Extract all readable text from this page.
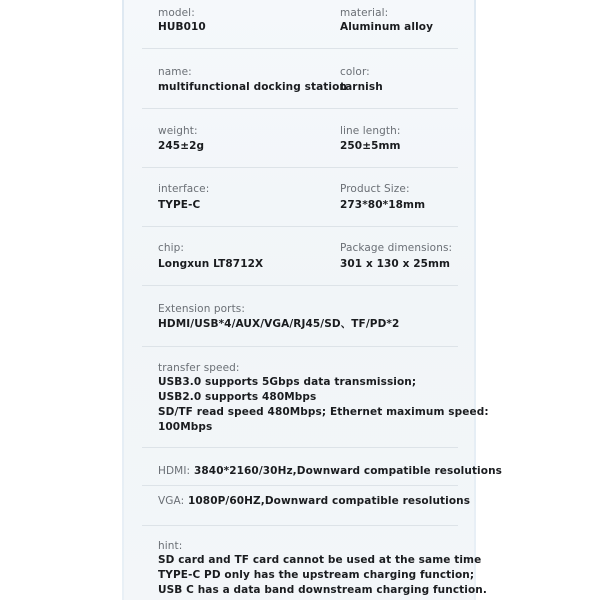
model:
HUB010
material:
Aluminum alloy
name:
multifunctional docking station
color:
tarnish
weight:
245±2g
line length:
250±5mm
interface:
TYPE-C
Product Size:
273*80*18mm
chip:
Longxun LT8712X
Package dimensions:
301 x 130 x 25mm
Extension ports:
HDMI/USB*4/AUX/VGA/RJ45/SD、TF/PD*2
transfer speed:
USB3.0 supports 5Gbps data transmission;
USB2.0 supports 480Mbps
SD/TF read speed 480Mbps; Ethernet maximum speed:
100Mbps
HDMI: 3840*2160/30Hz,Downward compatible resolutions
VGA: 1080P/60HZ,Downward compatible resolutions
hint:
SD card and TF card cannot be used at the same time
TYPE-C PD only has the upstream charging function;
USB C has a data band downstream charging function.
